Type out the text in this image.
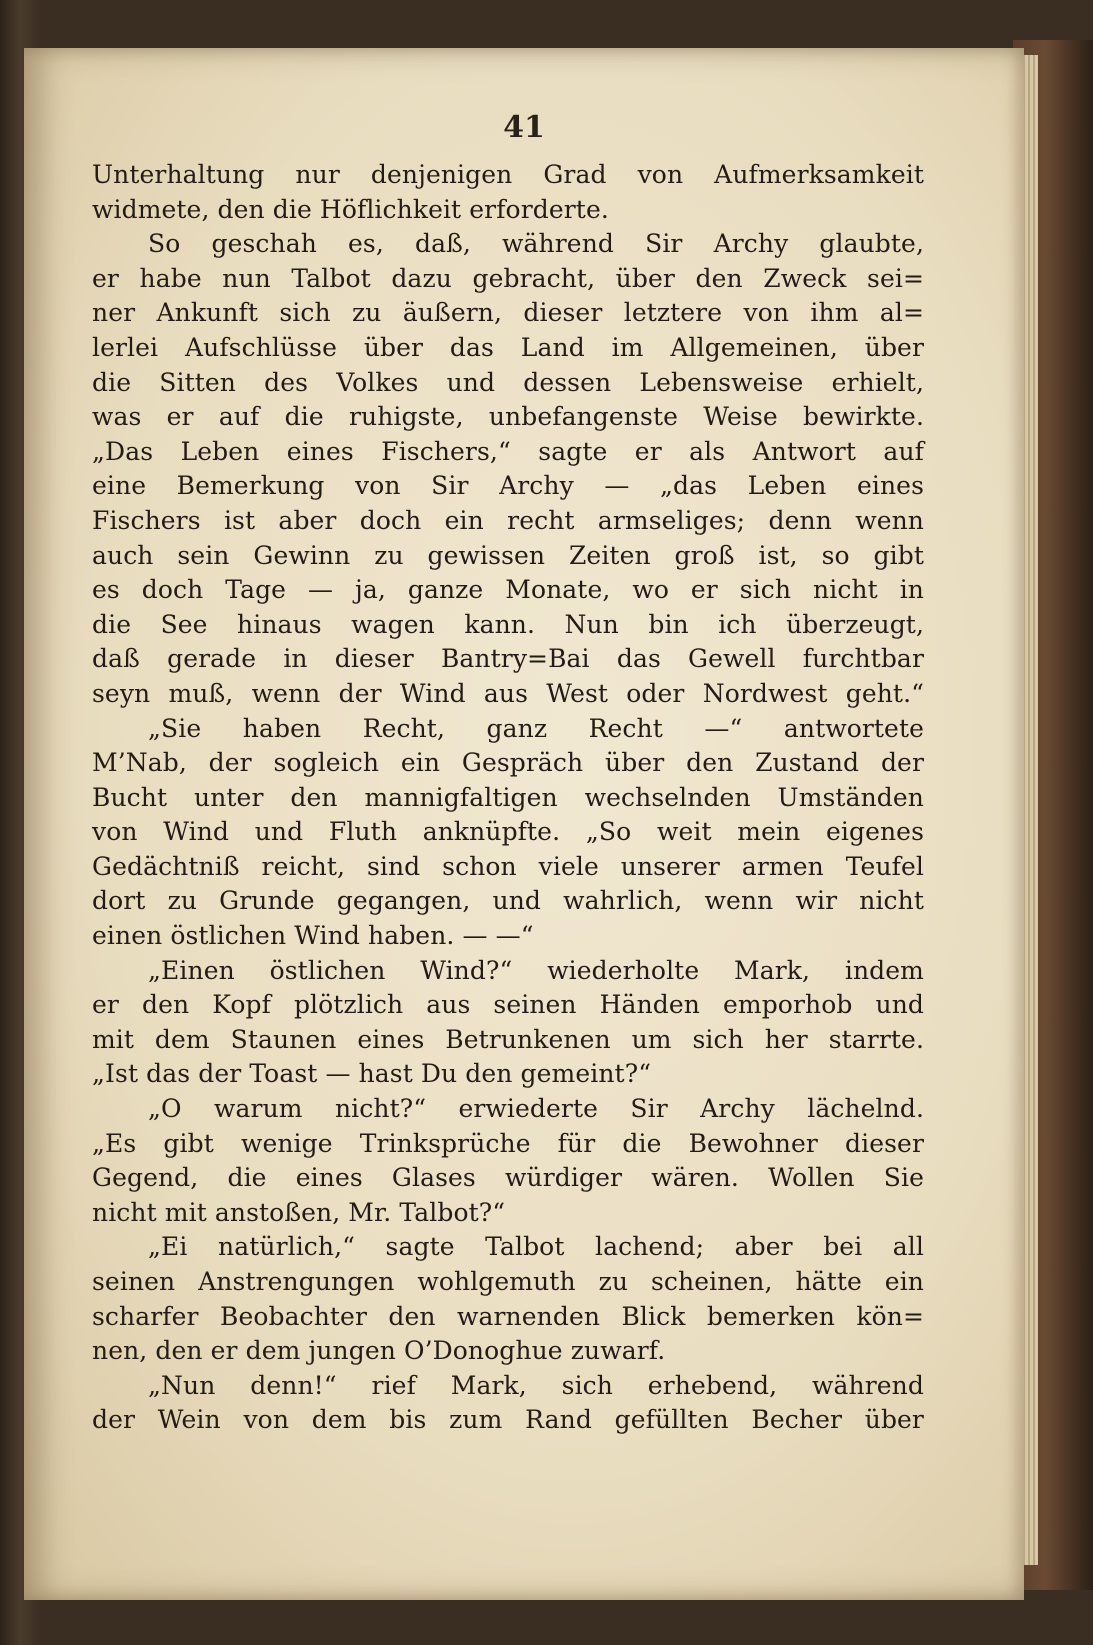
41
Unterhaltung nur denjenigen Grad von Aufmerksamkeit
widmete, den die Höflichkeit erforderte.
So geschah es, daß, während Sir Archy glaubte,
er habe nun Talbot dazu gebracht, über den Zweck sei=
ner Ankunft sich zu äußern, dieser letztere von ihm al=
lerlei Aufschlüsse über das Land im Allgemeinen, über
die Sitten des Volkes und dessen Lebensweise erhielt,
was er auf die ruhigste, unbefangenste Weise bewirkte.
„Das Leben eines Fischers,“ sagte er als Antwort auf
eine Bemerkung von Sir Archy — „das Leben eines
Fischers ist aber doch ein recht armseliges; denn wenn
auch sein Gewinn zu gewissen Zeiten groß ist, so gibt
es doch Tage — ja, ganze Monate, wo er sich nicht in
die See hinaus wagen kann. Nun bin ich überzeugt,
daß gerade in dieser Bantry=Bai das Gewell furchtbar
seyn muß, wenn der Wind aus West oder Nordwest geht.“
„Sie haben Recht, ganz Recht —“ antwortete
M’Nab, der sogleich ein Gespräch über den Zustand der
Bucht unter den mannigfaltigen wechselnden Umständen
von Wind und Fluth anknüpfte. „So weit mein eigenes
Gedächtniß reicht, sind schon viele unserer armen Teufel
dort zu Grunde gegangen, und wahrlich, wenn wir nicht
einen östlichen Wind haben. — —“
„Einen östlichen Wind?“ wiederholte Mark, indem
er den Kopf plötzlich aus seinen Händen emporhob und
mit dem Staunen eines Betrunkenen um sich her starrte.
„Ist das der Toast — hast Du den gemeint?“
„O warum nicht?“ erwiederte Sir Archy lächelnd.
„Es gibt wenige Trinksprüche für die Bewohner dieser
Gegend, die eines Glases würdiger wären. Wollen Sie
nicht mit anstoßen, Mr. Talbot?“
„Ei natürlich,“ sagte Talbot lachend; aber bei all
seinen Anstrengungen wohlgemuth zu scheinen, hätte ein
scharfer Beobachter den warnenden Blick bemerken kön=
nen, den er dem jungen O’Donoghue zuwarf.
„Nun denn!“ rief Mark, sich erhebend, während
der Wein von dem bis zum Rand gefüllten Becher über
